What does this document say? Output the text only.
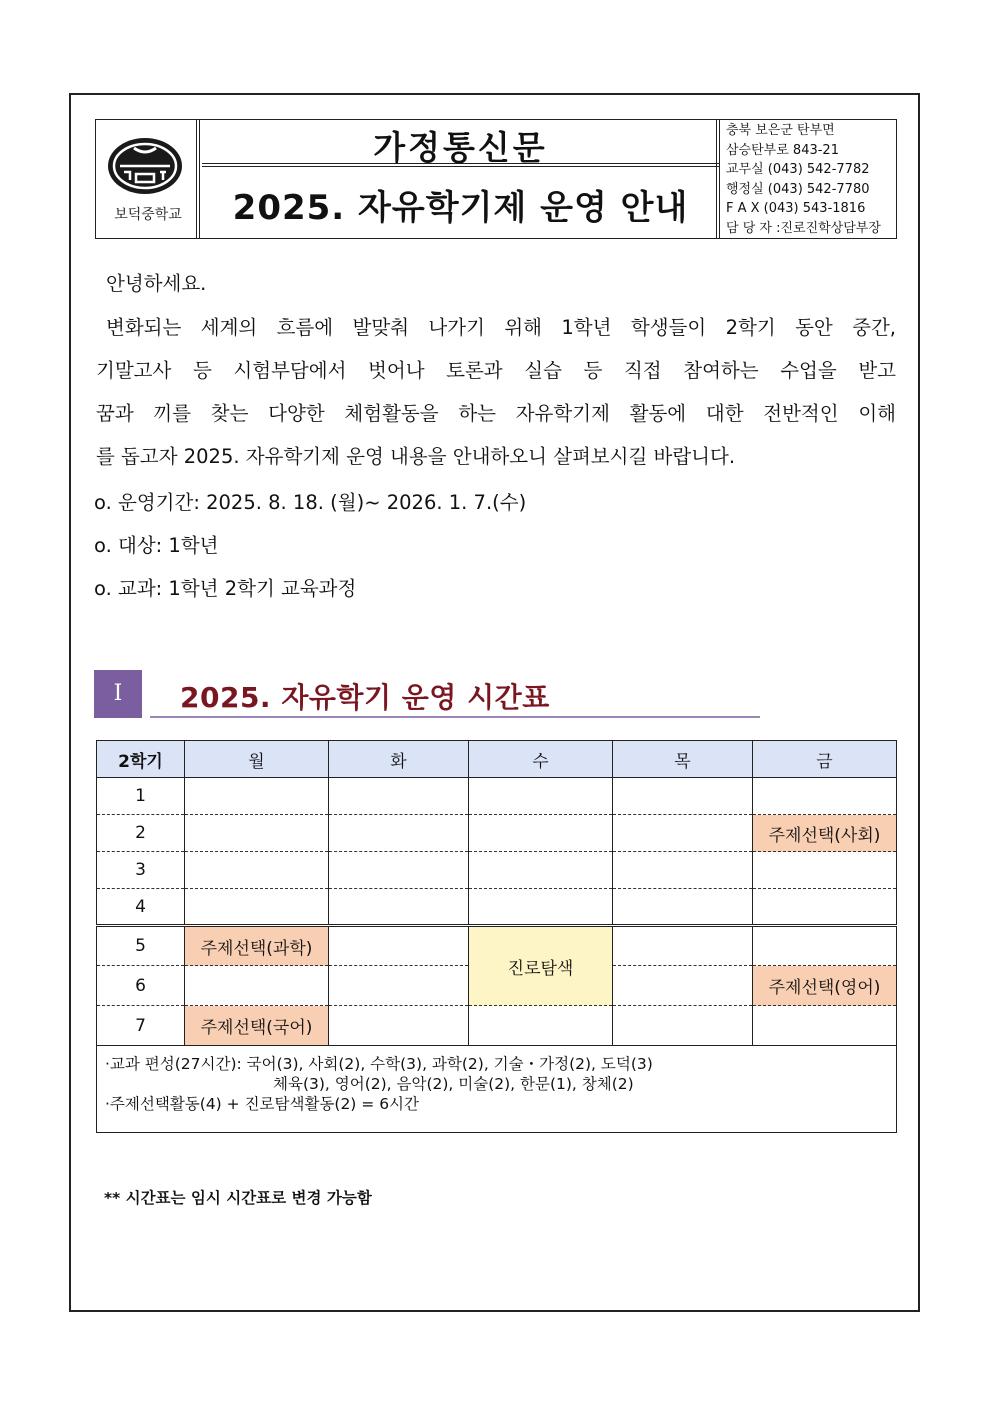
보덕중학교
가정통신문
2025. 자유학기제 운영 안내
충북 보은군 탄부면
삼승탄부로 843-21
교무실 (043) 542-7782
행정실 (043) 542-7780
F A X (043) 543-1816
담 당 자 :진로진학상담부장
안녕하세요.
변화되는 세계의 흐름에 발맞춰 나가기 위해 1학년 학생들이 2학기 동안 중간,
기말고사 등 시험부담에서 벗어나 토론과 실습 등 직접 참여하는 수업을 받고
꿈과 끼를 찾는 다양한 체험활동을 하는 자유학기제 활동에 대한 전반적인 이해
를 돕고자 2025. 자유학기제 운영 내용을 안내하오니 살펴보시길 바랍니다.
o. 운영기간: 2025. 8. 18. (월)~ 2026. 1. 7.(수)
o. 대상: 1학년
o. 교과: 1학년 2학기 교육과정
I	2025. 자유학기 운영 시간표
2학기	월	화	수	목	금
1					
2					주제선택(사회)
3					
4					
5	주제선택(과학)		진로탐색		
6					주제선택(영어)
7	주제선택(국어)				

·교과 편성(27시간): 국어(3), 사회(2), 수학(3), 과학(2), 기술・가정(2), 도덕(3)
체육(3), 영어(2), 음악(2), 미술(2), 한문(1), 창체(2)
·주제선택활동(4) + 진로탐색활동(2) = 6시간					
** 시간표는 임시 시간표로 변경 가능함
